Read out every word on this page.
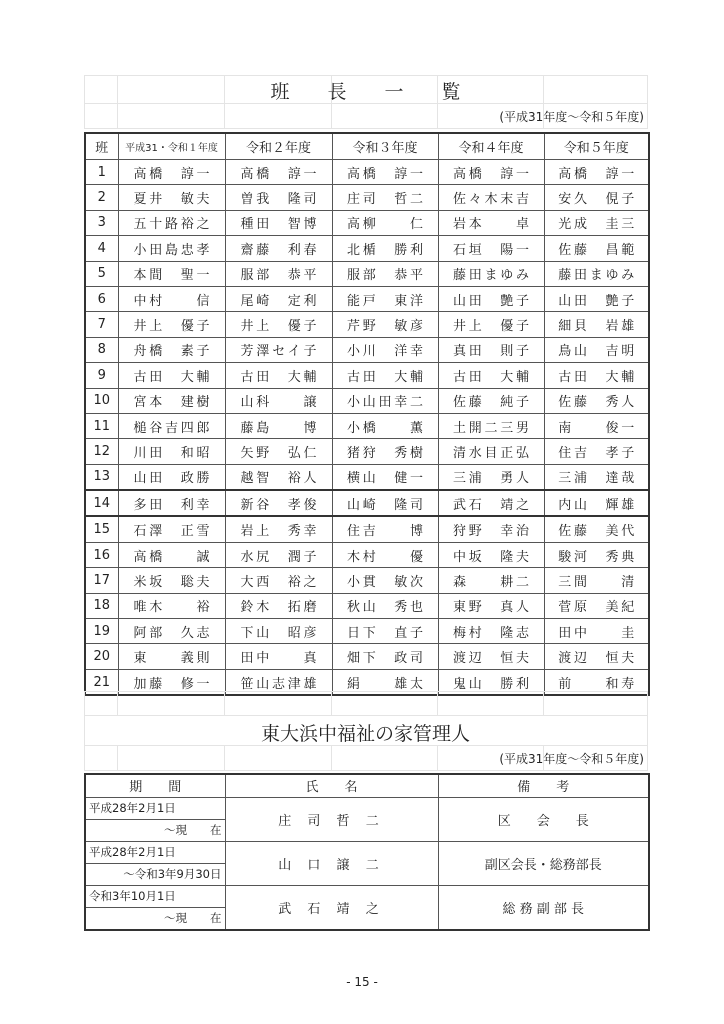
班　　長　　一　　覧
(平成31年度～令和５年度)
班	平成31・令和１年度	令和２年度	令和３年度	令和４年度	令和５年度
1	高橋　諄一	高橋　諄一	高橋　諄一	高橋　諄一	高橋　諄一
2	夏井　敏夫	曽我　隆司	庄司　哲二	佐々木末吉	安久　俔子
3	五十路裕之	種田　智博	高柳　　仁	岩本　　卓	光成　圭三
4	小田島忠孝	齋藤　利春	北楯　勝利	石垣　陽一	佐藤　昌範
5	本間　聖一	服部　恭平	服部　恭平	藤田まゆみ	藤田まゆみ
6	中村　　信	尾崎　定利	能戸　東洋	山田　艶子	山田　艶子
7	井上　優子	井上　優子	芹野　敏彦	井上　優子	細貝　岩雄
8	舟橋　素子	芳澤セイ子	小川　洋幸	真田　則子	鳥山　吉明
9	古田　大輔	古田　大輔	古田　大輔	古田　大輔	古田　大輔
10	宮本　建樹	山科　　譲	小山田幸二	佐藤　純子	佐藤　秀人
11	槌谷吉四郎	藤島　　博	小橋　　薫	土開二三男	南　　俊一
12	川田　和昭	矢野　弘仁	猪狩　秀樹	清水目正弘	住吉　孝子
13	山田　政勝	越智　裕人	横山　健一	三浦　勇人	三浦　達哉
14	多田　利幸	新谷　孝俊	山崎　隆司	武石　靖之	内山　輝雄
15	石澤　正雪	岩上　秀幸	住吉　　博	狩野　幸治	佐藤　美代
16	高橋　　誠	水尻　潤子	木村　　優	中坂　隆夫	駿河　秀典
17	米坂　聡夫	大西　裕之	小貫　敏次	森　　耕二	三間　　清
18	唯木　　裕	鈴木　拓磨	秋山　秀也	東野　真人	菅原　美紀
19	阿部　久志	下山　昭彦	日下　直子	梅村　隆志	田中　　圭
20	東　　義則	田中　　真	畑下　政司	渡辺　恒夫	渡辺　恒夫
21	加藤　修一	笹山志津雄	絹　　雄太	鬼山　勝利	前　　和寿

東大浜中福祉の家管理人
(平成31年度～令和５年度)
期　　間	氏　　名	備　　考
平成28年2月1日	庄 司 哲 二	区　　会　　長
～現　　在		
平成28年2月1日	山 口 譲 二	副区会長・総務部長
～令和3年9月30日		
令和3年10月1日	武 石 靖 之	総 務 副 部 長
～現　　在		
- 15 -
